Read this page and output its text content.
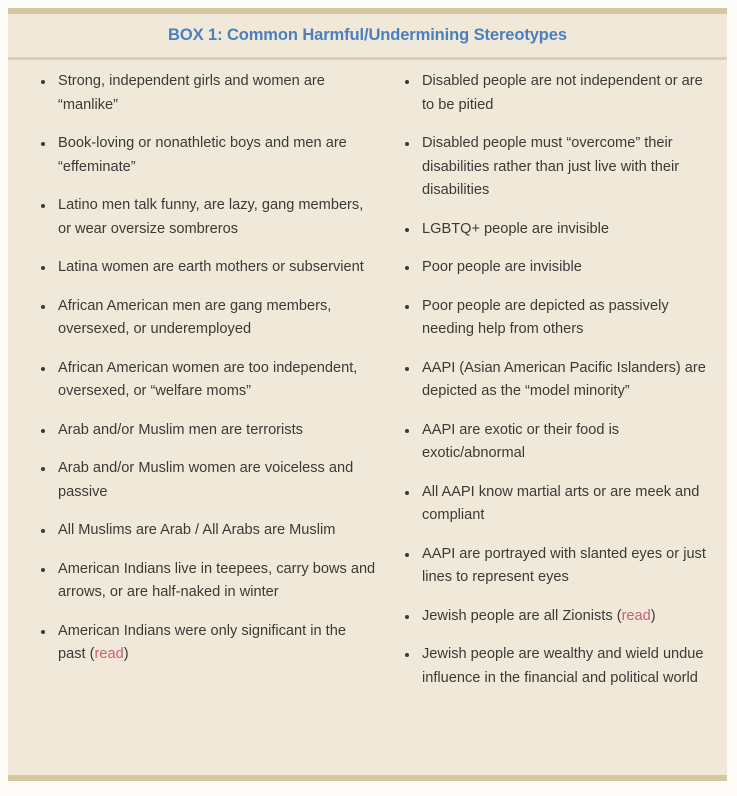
BOX 1: Common Harmful/Undermining Stereotypes
Strong, independent girls and women are “manlike”
Book-loving or nonathletic boys and men are “effeminate”
Latino men talk funny, are lazy, gang members, or wear oversize sombreros
Latina women are earth mothers or subservient
African American men are gang members, oversexed, or underemployed
African American women are too independent, oversexed, or “welfare moms”
Arab and/or Muslim men are terrorists
Arab and/or Muslim women are voiceless and passive
All Muslims are Arab / All Arabs are Muslim
American Indians live in teepees, carry bows and arrows, or are half-naked in winter
American Indians were only significant in the past (read)
Disabled people are not independent or are to be pitied
Disabled people must “overcome” their disabilities rather than just live with their disabilities
LGBTQ+ people are invisible
Poor people are invisible
Poor people are depicted as passively needing help from others
AAPI (Asian American Pacific Islanders) are depicted as the “model minority”
AAPI are exotic or their food is exotic/abnormal
All AAPI know martial arts or are meek and compliant
AAPI are portrayed with slanted eyes or just lines to represent eyes
Jewish people are all Zionists (read)
Jewish people are wealthy and wield undue influence in the financial and political world
